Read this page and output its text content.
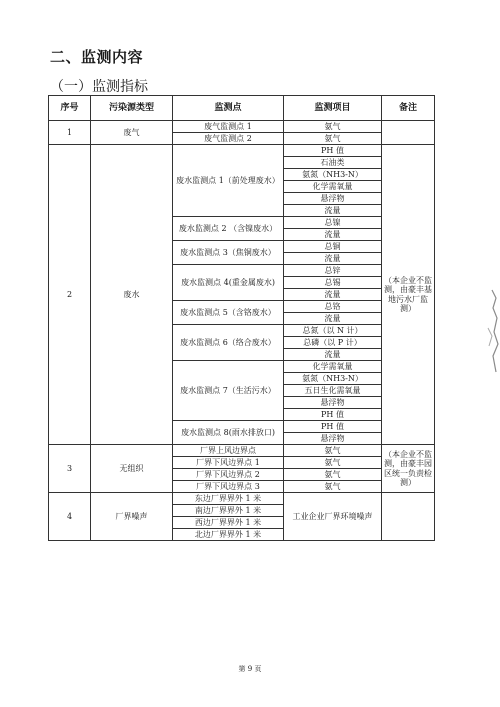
二、监测内容
（一）监测指标
序号	污染源类型	监测点	监测项目	备注
1	废气	废气监测点 1	氨气	
		废气监测点 2	氨气	
2	废水	废水监测点 1（前处理废水）	PH 值	（本企业不监测，由豪丰基地污水厂监测）
			石油类	
			氨氮（NH3-N）	
			化学需氧量	
			悬浮物	
			流量	
		废水监测点 2 （含镍废水）	总镍	
			流量	
		废水监测点 3（焦铜废水）	总铜	
			流量	
		废水监测点 4(重金属废水)	总锌	
			总锡	
			流量	
		废水监测点 5（含铬废水）	总铬	
			流量	
		废水监测点 6（络合废水）	总氮（以 N 计）	
			总磷（以 P 计）	
			流量	
		废水监测点 7（生活污水）	化学需氧量	
			氨氮（NH3-N）	
			五日生化需氧量	
			悬浮物	
			PH 值	
		废水监测点 8(雨水排放口)	PH 值	
			悬浮物	
3	无组织	厂界上风边界点	氨气	（本企业不监测，由豪丰园区统一负责检测）
		厂界下风边界点 1	氨气	
		厂界下风边界点 2	氨气	
		厂界下风边界点 3	氨气	
4	厂界噪声	东边厂界界外 1 米	工业企业厂界环境噪声	
		南边厂界界外 1 米		
		西边厂界界外 1 米		
		北边厂界界外 1 米		
第 9 页
